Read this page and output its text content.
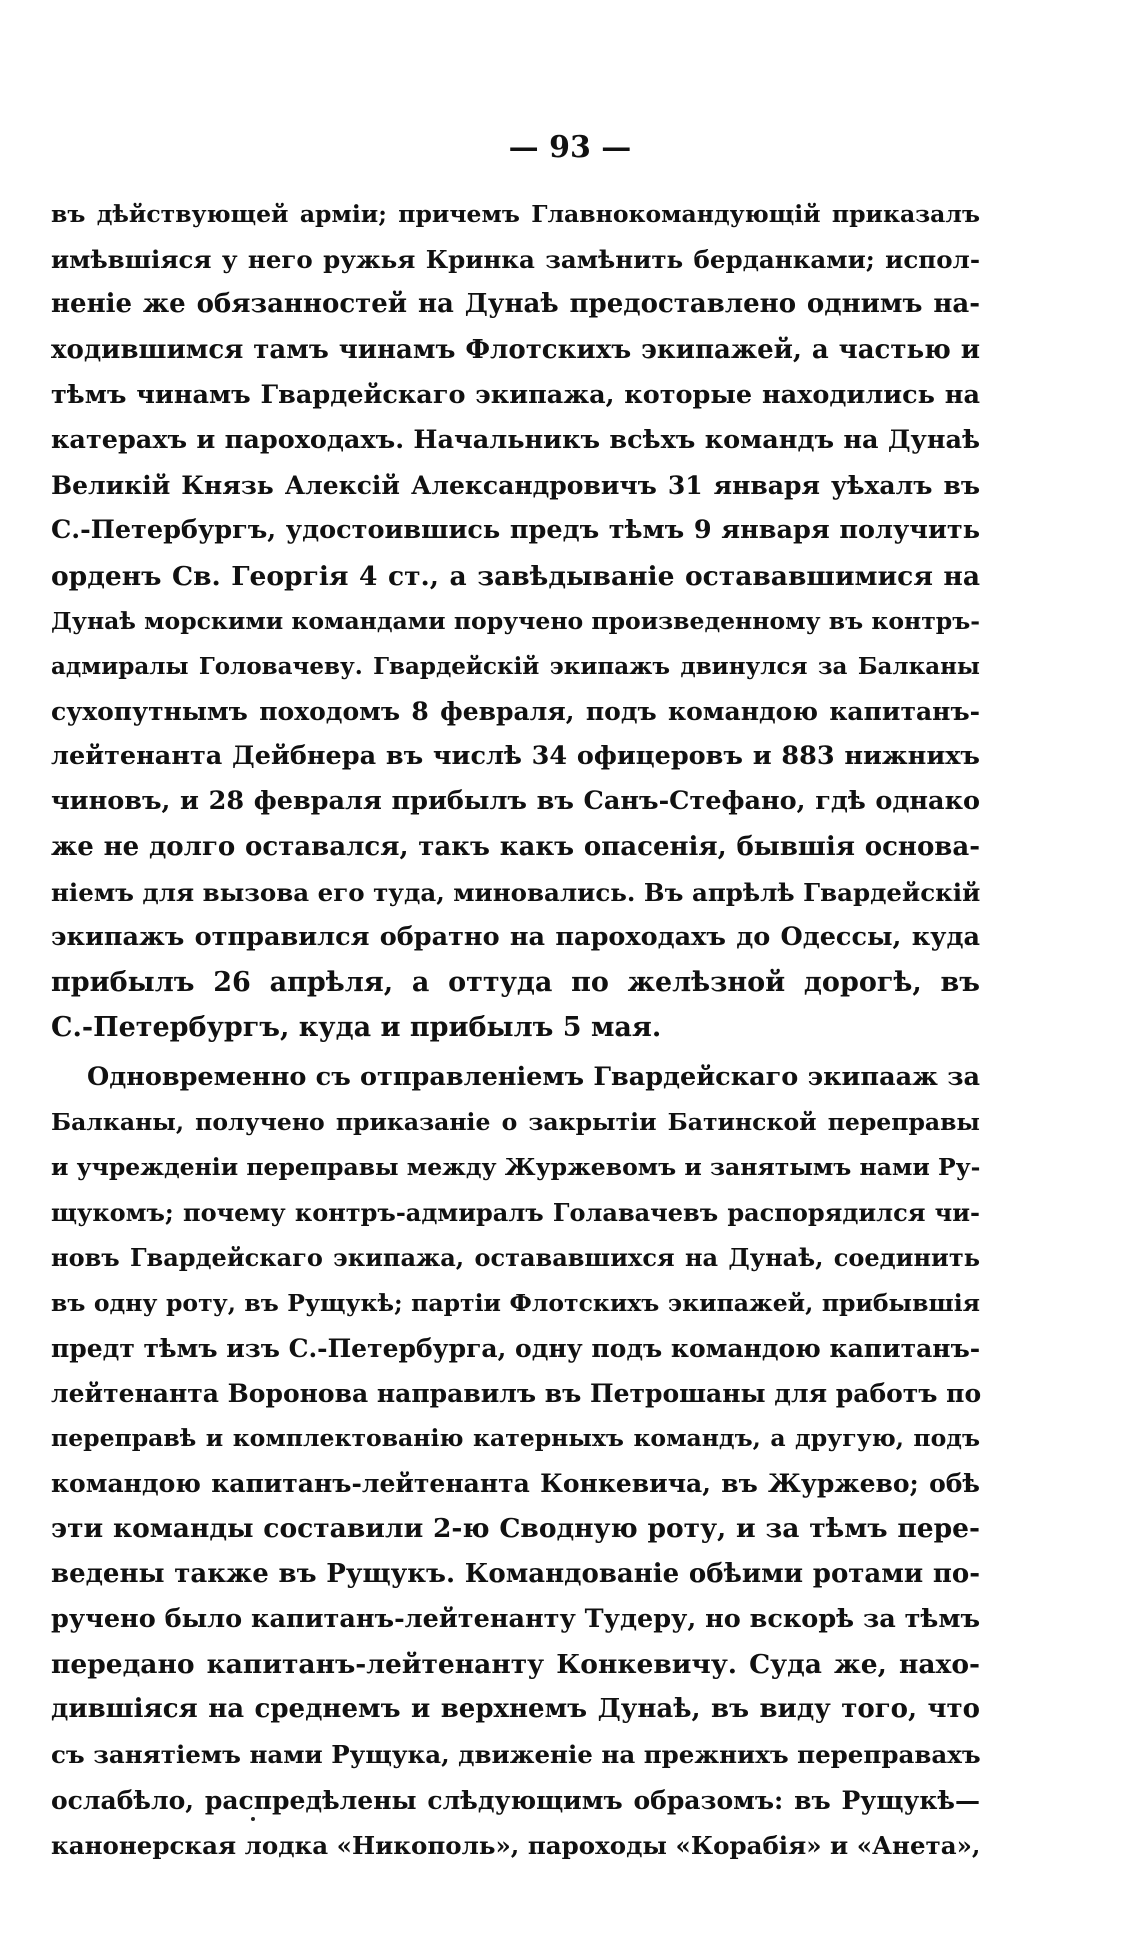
— 93 —
въ дѣйствующей арміи; причемъ Главнокомандующій приказалъ
имѣвшіяся у него ружья Кринка замѣнить берданками; испол-
неніе же обязанностей на Дунаѣ предоставлено однимъ на-
ходившимся тамъ чинамъ Флотскихъ экипажей, а частью и
тѣмъ чинамъ Гвардейскаго экипажа, которые находились на
катерахъ и пароходахъ. Начальникъ всѣхъ командъ на Дунаѣ
Великій Князь Алексій Александровичъ 31 января уѣхалъ въ
С.-Петербургъ, удостоившись предъ тѣмъ 9 января получить
орденъ Св. Георгія 4 ст., а завѣдываніе остававшимися на
Дунаѣ морскими командами поручено произведенному въ контръ-
адмиралы Головачеву. Гвардейскій экипажъ двинулся за Балканы
сухопутнымъ походомъ 8 февраля, подъ командою капитанъ-
лейтенанта Дейбнера въ числѣ 34 офицеровъ и 883 нижнихъ
чиновъ, и 28 февраля прибылъ въ Санъ-Стефано, гдѣ однако
же не долго оставался, такъ какъ опасенія, бывшія основа-
ніемъ для вызова его туда, миновались. Въ апрѣлѣ Гвардейскій
экипажъ отправился обратно на пароходахъ до Одессы, куда
прибылъ 26 апрѣля, а оттуда по желѣзной дорогѣ, въ
С.-Петербургъ, куда и прибылъ 5 мая.
Одновременно съ отправленіемъ Гвардейскаго экипааж за
Балканы, получено приказаніе о закрытіи Батинской переправы
и учрежденіи переправы между Журжевомъ и занятымъ нами Ру-
щукомъ; почему контръ-адмиралъ Голавачевъ распорядился чи-
новъ Гвардейскаго экипажа, остававшихся на Дунаѣ, соединить
въ одну роту, въ Рущукѣ; партіи Флотскихъ экипажей, прибывшія
предт тѣмъ изъ С.-Петербурга, одну подъ командою капитанъ-
лейтенанта Воронова направилъ въ Петрошаны для работъ по
переправѣ и комплектованію катерныхъ командъ, а другую, подъ
командою капитанъ-лейтенанта Конкевича, въ Журжево; обѣ
эти команды составили 2-ю Сводную роту, и за тѣмъ пере-
ведены также въ Рущукъ. Командованіе обѣими ротами по-
ручено было капитанъ-лейтенанту Тудеру, но вскорѣ за тѣмъ
передано капитанъ-лейтенанту Конкевичу. Суда же, нахо-
дившіяся на среднемъ и верхнемъ Дунаѣ, въ виду того, что
съ занятіемъ нами Рущука, движеніе на прежнихъ переправахъ
ослабѣло, распредѣлены слѣдующимъ образомъ: въ Рущукѣ—
канонерская лодка «Никополь», пароходы «Корабія» и «Анета»,
